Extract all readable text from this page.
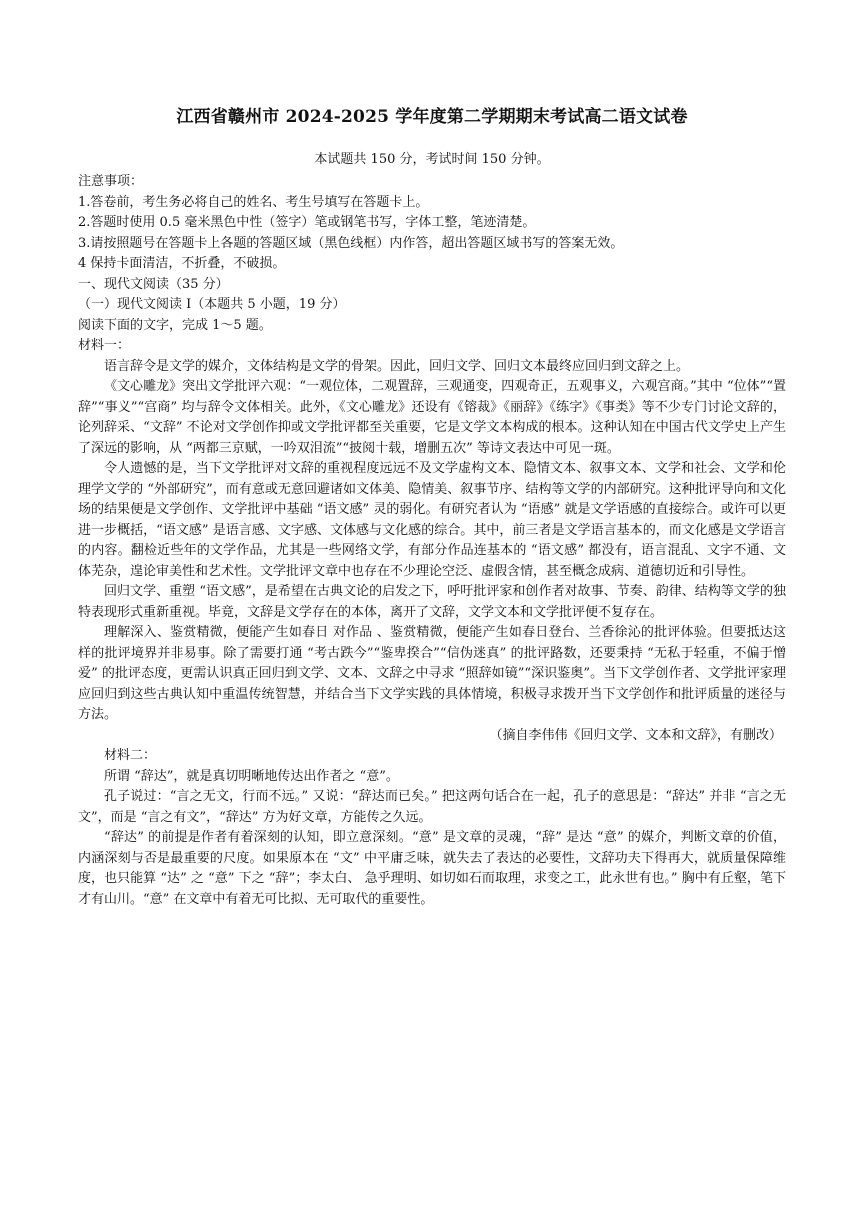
江西省赣州市 2024-2025 学年度第二学期期末考试高二语文试卷
本试题共 150 分，考试时间 150 分钟。
注意事项：
1.答卷前，考生务必将自己的姓名、考生号填写在答题卡上。
2.答题时使用 0.5 毫米黑色中性（签字）笔或钢笔书写，字体工整，笔迹清楚。
3.请按照题号在答题卡上各题的答题区域（黑色线框）内作答，超出答题区域书写的答案无效。
4 保持卡面清洁，不折叠，不破损。
一、现代文阅读（35 分）
（一）现代文阅读 Ⅰ（本题共 5 小题，19 分）
阅读下面的文字，完成 1～5 题。
材料一：

语言辞令是文学的媒介，文体结构是文学的骨架。因此，回归文学、回归文本最终应回归到文辞之上。

《文心雕龙》突出文学批评六观：“一观位体，二观置辞，三观通变，四观奇正，五观事义，六观宫商。”其中 “位体”“置辞”“事义”“宫商” 均与辞令文体相关。此外，《文心雕龙》还设有《镕裁》《丽辞》《练字》《事类》等不少专门讨论文辞的，论列辞采、“文辞” 不论对文学创作抑或文学批评都至关重要，它是文学文本构成的根本。这种认知在中国古代文学史上产生了深远的影响，从 “两都三京赋，一吟双泪流”“披阅十载，增删五次” 等诗文表达中可见一斑。

令人遗憾的是，当下文学批评对文辞的重视程度远远不及文学虚构文本、隐情文本、叙事文本、文学和社会、文学和伦理学文学的 “外部研究”，而有意或无意回避诸如文体美、隐情美、叙事节序、结构等文学的内部研究。这种批评导向和文化场的结果便是文学创作、文学批评中基础 “语文感” 灵的弱化。有研究者认为 “语感” 就是文学语感的直接综合。或许可以更进一步概括，“语文感” 是语言感、文字感、文体感与文化感的综合。其中，前三者是文学语言基本的，而文化感是文学语言的内容。翻检近些年的文学作品，尤其是一些网络文学，有部分作品连基本的 “语文感” 都没有，语言混乱、文字不通、文体芜杂，遑论审美性和艺术性。文学批评文章中也存在不少理论空泛、虚假含情，甚至概念成病、道德切近和引导性。

回归文学、重塑 “语文感”，是希望在古典文论的启发之下，呼吁批评家和创作者对故事、节奏、韵律、结构等文学的独特表现形式重新重视。毕竟，文辞是文学存在的本体，离开了文辞，文学文本和文学批评便不复存在。

理解深入、鉴赏精微，便能产生如春日 对作品 、鉴赏精微，便能产生如春日登台、兰香徐沁的批评体验。但要抵达这样的批评境界并非易事。除了需要打通 “考古跌今”“鉴卑揆合”“信伪迷真” 的批评路数，还要秉持 “无私于轻重，不偏于憎爱” 的批评态度，更需认识真正回归到文学、文本、文辞之中寻求 “照辞如镜”“深识鉴奥”。当下文学创作者、文学批评家理应回归到这些古典认知中重温传统智慧，并结合当下文学实践的具体情境，积极寻求拨开当下文学创作和批评质量的迷径与方法。

（摘自李伟伟《回归文学、文本和文辞》，有删改）
材料二：

所谓 “辞达”，就是真切明晰地传达出作者之 “意”。

孔子说过：“言之无文，行而不远。” 又说：“辞达而已矣。” 把这两句话合在一起，孔子的意思是：“辞达” 并非 “言之无文”，而是 “言之有文”，“辞达” 方为好文章，方能传之久远。

“辞达” 的前提是作者有着深刻的认知，即立意深刻。“意” 是文章的灵魂，“辞” 是达 “意” 的媒介，判断文章的价值，内涵深刻与否是最重要的尺度。如果原本在 “文” 中平庸乏味，就失去了表达的必要性，文辞功夫下得再大，就质量保障维度，也只能算 “达” 之 “意” 下之 “辞”；李太白、 急乎理明、如切如石而取理，求变之工，此永世有也。” 胸中有丘壑，笔下才有山川。“意” 在文章中有着无可比拟、无可取代的重要性。
